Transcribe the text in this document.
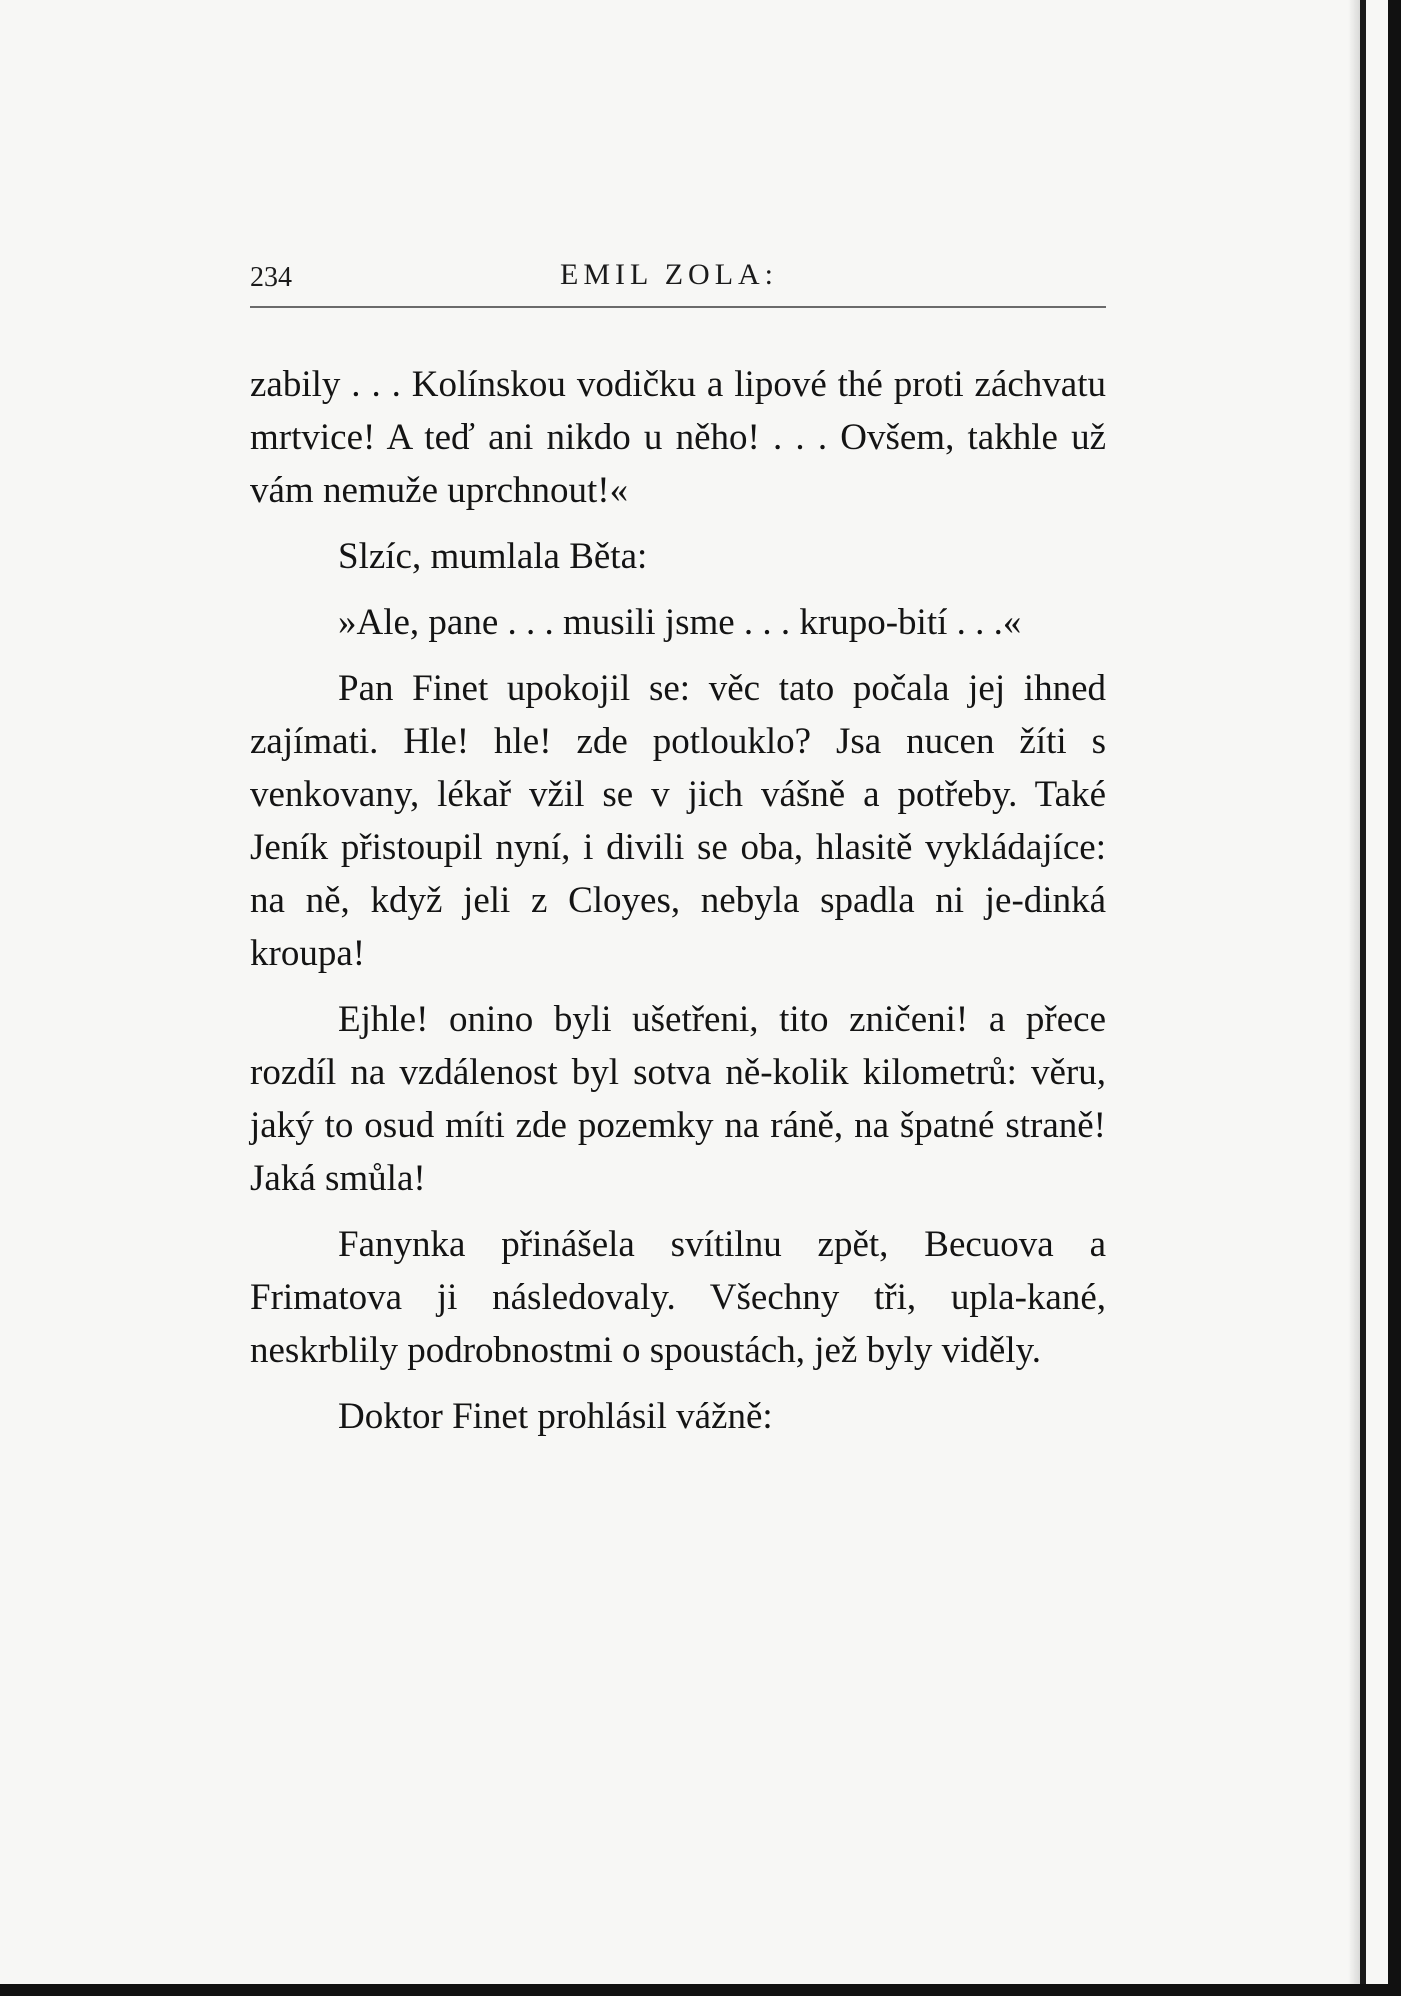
234	EMIL ZOLA:

zabily . . . Kolínskou vodičku a lipové thé proti záchvatu mrtvice! A teď ani nikdo u něho! . . . Ovšem, takhle už vám nemuže uprchnout!«

Slzíc, mumlala Běta:

»Ale, pane . . . musili jsme . . . krupo-bití . . .«

Pan Finet upokojil se: věc tato počala jej ihned zajímati. Hle! hle! zde potlouklo? Jsa nucen žíti s venkovany, lékař vžil se v jich vášně a potřeby. Také Jeník přistoupil nyní, i divili se oba, hlasitě vykládajíce: na ně, když jeli z Cloyes, nebyla spadla ni je-dinká kroupa!

Ejhle! onino byli ušetřeni, tito zničeni! a přece rozdíl na vzdálenost byl sotva ně-kolik kilometrů: věru, jaký to osud míti zde pozemky na ráně, na špatné straně! Jaká smůla!

Fanynka přinášela svítilnu zpět, Becuova a Frimatova ji následovaly. Všechny tři, upla-kané, neskrblily podrobnostmi o spoustách, jež byly viděly.

Doktor Finet prohlásil vážně:
